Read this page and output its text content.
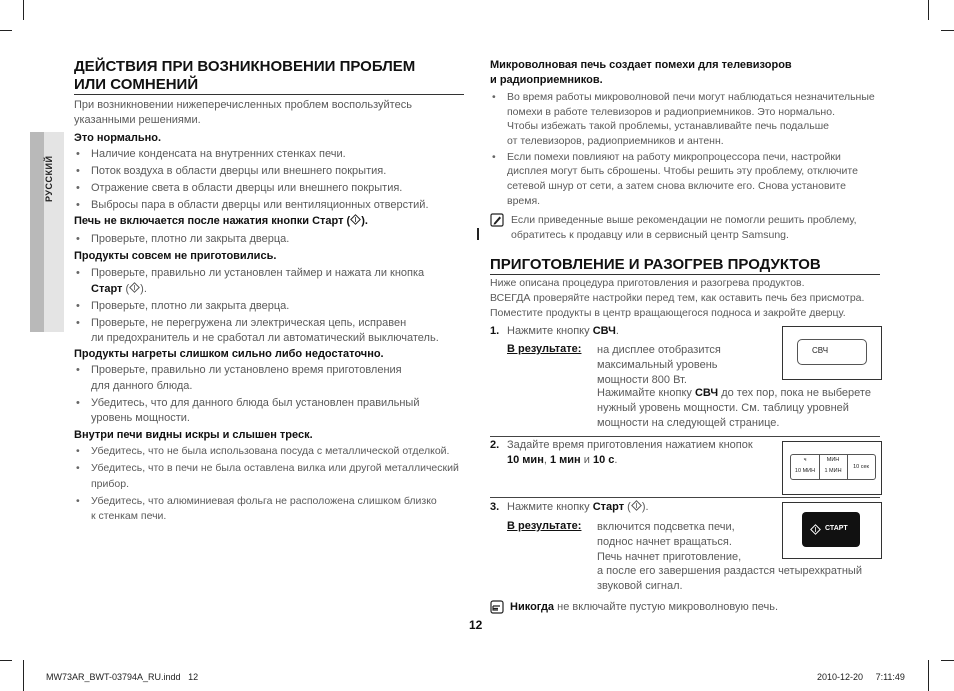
РУССКИЙ
ДЕЙСТВИЯ ПРИ ВОЗНИКНОВЕНИИ ПРОБЛЕМ
ИЛИ СОМНЕНИЙ
При возникновении нижеперечисленных проблем воспользуйтесь
указанными решениями.
Это нормально.
• Наличие конденсата на внутренних стенках печи.
• Поток воздуха в области дверцы или внешнего покрытия.
• Отражение света в области дверцы или внешнего покрытия.
• Выбросы пара в области дверцы или вентиляционных отверстий.
Печь не включается после нажатия кнопки Старт ( ).
• Проверьте, плотно ли закрыта дверца.
Продукты совсем не приготовились.
• Проверьте, правильно ли установлен таймер и нажата ли кнопка
Старт ( ).
• Проверьте, плотно ли закрыта дверца.
• Проверьте, не перегружена ли электрическая цепь, исправен
ли предохранитель и не сработал ли автоматический выключатель.
Продукты нагреты слишком сильно либо недостаточно.
• Проверьте, правильно ли установлено время приготовления
для данного блюда.
• Убедитесь, что для данного блюда был установлен правильный
уровень мощности.
Внутри печи видны искры и слышен треск.
• Убедитесь, что не была использована посуда с металлической отделкой.
• Убедитесь, что в печи не была оставлена вилка или другой металлический
прибор.
• Убедитесь, что алюминиевая фольга не расположена слишком близко
к стенкам печи.
Микроволновая печь создает помехи для телевизоров
и радиоприемников.
• Во время работы микроволновой печи могут наблюдаться незначительные
помехи в работе телевизоров и радиоприемников. Это нормально.
Чтобы избежать такой проблемы, устанавливайте печь подальше
от телевизоров, радиоприемников и антенн.
• Если помехи повлияют на работу микропроцессора печи, настройки
дисплея могут быть сброшены. Чтобы решить эту проблему, отключите
сетевой шнур от сети, а затем снова включите его. Снова установите
время.
Если приведенные выше рекомендации не помогли решить проблему,
обратитесь к продавцу или в сервисный центр Samsung.
ПРИГОТОВЛЕНИЕ И РАЗОГРЕВ ПРОДУКТОВ
Ниже описана процедура приготовления и разогрева продуктов.
ВСЕГДА проверяйте настройки перед тем, как оставить печь без присмотра.
Поместите продукты в центр вращающегося подноса и закройте дверцу.
1. Нажмите кнопку СВЧ.
В результате: на дисплее отобразится
максимальный уровень
мощности 800 Вт.
Нажимайте кнопку СВЧ до тех пор, пока не выберете
нужный уровень мощности. См. таблицу уровней
мощности на следующей странице.
СВЧ
2. Задайте время приготовления нажатием кнопок
10 мин, 1 мин и 10 с.	ч
10 МИН
МИН
1 МИН
10 сек
3. Нажмите кнопку Старт ( ).
В результате: включится подсветка печи,
поднос начнет вращаться.
Печь начнет приготовление,
а после его завершения раздастся четырехкратный
звуковой сигнал.
СТАРТ
Никогда не включайте пустую микроволновую печь.
12
MW73AR_BWT-03794A_RU.indd 12	2010-12-20 7:11:49
